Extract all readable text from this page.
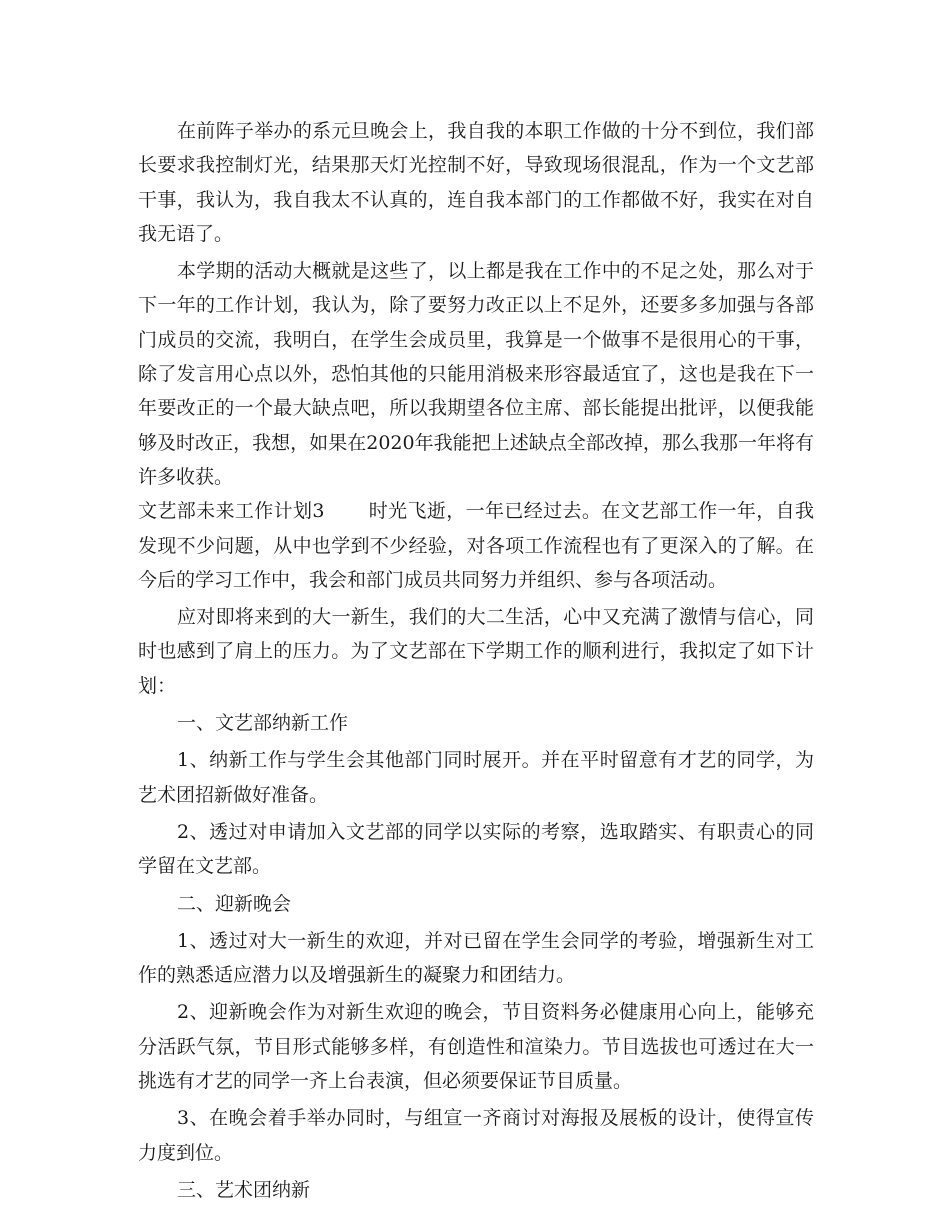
在前阵子举办的系元旦晚会上，我自我的本职工作做的十分不到位，我们部长要求我控制灯光，结果那天灯光控制不好，导致现场很混乱，作为一个文艺部干事，我认为，我自我太不认真的，连自我本部门的工作都做不好，我实在对自我无语了。

本学期的活动大概就是这些了，以上都是我在工作中的不足之处，那么对于下一年的工作计划，我认为，除了要努力改正以上不足外，还要多多加强与各部门成员的交流，我明白，在学生会成员里，我算是一个做事不是很用心的干事，除了发言用心点以外，恐怕其他的只能用消极来形容最适宜了，这也是我在下一年要改正的一个最大缺点吧，所以我期望各位主席、部长能提出批评，以便我能够及时改正，我想，如果在2020年我能把上述缺点全部改掉，那么我那一年将有许多收获。

文艺部未来工作计划3 时光飞逝，一年已经过去。在文艺部工作一年，自我发现不少问题，从中也学到不少经验，对各项工作流程也有了更深入的了解。在今后的学习工作中，我会和部门成员共同努力并组织、参与各项活动。

应对即将来到的大一新生，我们的大二生活，心中又充满了激情与信心，同时也感到了肩上的压力。为了文艺部在下学期工作的顺利进行，我拟定了如下计划：

一、文艺部纳新工作

1、纳新工作与学生会其他部门同时展开。并在平时留意有才艺的同学，为艺术团招新做好准备。

2、透过对申请加入文艺部的同学以实际的考察，选取踏实、有职责心的同学留在文艺部。

二、迎新晚会

1、透过对大一新生的欢迎，并对已留在学生会同学的考验，增强新生对工作的熟悉适应潜力以及增强新生的凝聚力和团结力。

2、迎新晚会作为对新生欢迎的晚会，节目资料务必健康用心向上，能够充分活跃气氛，节目形式能够多样，有创造性和渲染力。节目选拔也可透过在大一挑选有才艺的同学一齐上台表演，但必须要保证节目质量。

3、在晚会着手举办同时，与组宣一齐商讨对海报及展板的设计，使得宣传力度到位。

三、艺术团纳新
